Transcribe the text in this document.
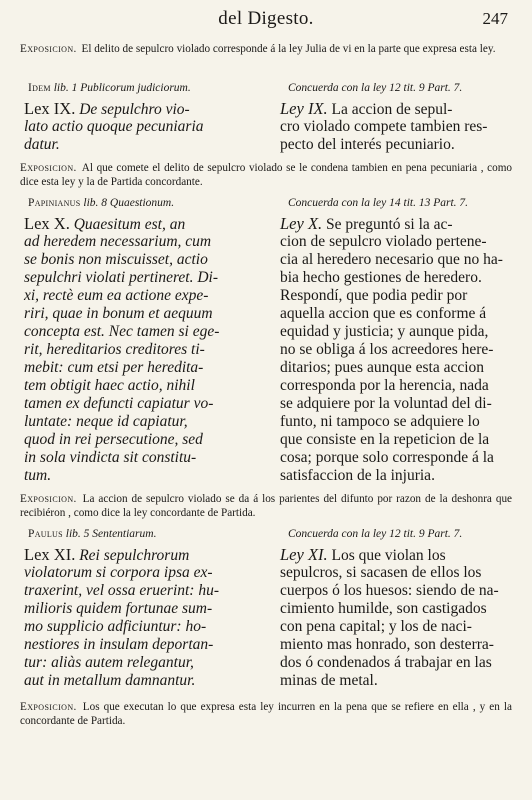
del Digesto.	247
Exposicion. El delito de sepulcro violado corresponde á la ley Julia de vi en la parte que expresa esta ley.
Idem lib. 1 Publicorum judiciorum.	Concuerda con la ley 12 tit. 9 Part. 7.
Lex IX. De sepulchro vio-
lato actio quoque pecuniaria
datur.
Ley IX. La accion de sepul-
cro violado compete tambien res-
pecto del interés pecuniario.
Exposicion. Al que comete el delito de sepulcro violado se le condena tambien en pena pecuniaria , como dice esta ley y la de Partida concordante.
Papinianus lib. 8 Quaestionum.	Concuerda con la ley 14 tit. 13 Part. 7.
Lex X. Quaesitum est, an
ad heredem necessarium, cum
se bonis non miscuisset, actio
sepulchri violati pertineret. Di-
xi, rectè eum ea actione expe-
riri, quae in bonum et aequum
concepta est. Nec tamen si ege-
rit, hereditarios creditores ti-
mebit: cum etsi per heredita-
tem obtigit haec actio, nihil
tamen ex defuncti capiatur vo-
luntate: neque id capiatur,
quod in rei persecutione, sed
in sola vindicta sit constitu-
tum.
Ley X. Se preguntó si la ac-
cion de sepulcro violado pertene-
cia al heredero necesario que no ha-
bia hecho gestiones de heredero.
Respondí, que podia pedir por
aquella accion que es conforme á
equidad y justicia; y aunque pida,
no se obliga á los acreedores here-
ditarios; pues aunque esta accion
corresponda por la herencia, nada
se adquiere por la voluntad del di-
funto, ni tampoco se adquiere lo
que consiste en la repeticion de la
cosa; porque solo corresponde á la
satisfaccion de la injuria.
Exposicion. La accion de sepulcro violado se da á los parientes del difunto por razon de la deshonra que recibiéron , como dice la ley concordante de Partida.
Paulus lib. 5 Sententiarum.	Concuerda con la ley 12 tit. 9 Part. 7.
Lex XI. Rei sepulchrorum
violatorum si corpora ipsa ex-
traxerint, vel ossa eruerint: hu-
milioris quidem fortunae sum-
mo supplicio adficiuntur: ho-
nestiores in insulam deportan-
tur: aliàs autem relegantur,
aut in metallum damnantur.
Ley XI. Los que violan los
sepulcros, si sacasen de ellos los
cuerpos ó los huesos: siendo de na-
cimiento humilde, son castigados
con pena capital; y los de naci-
miento mas honrado, son desterra-
dos ó condenados á trabajar en las
minas de metal.
Exposicion. Los que executan lo que expresa esta ley incurren en la pena que se refiere en ella , y en la concordante de Partida.
